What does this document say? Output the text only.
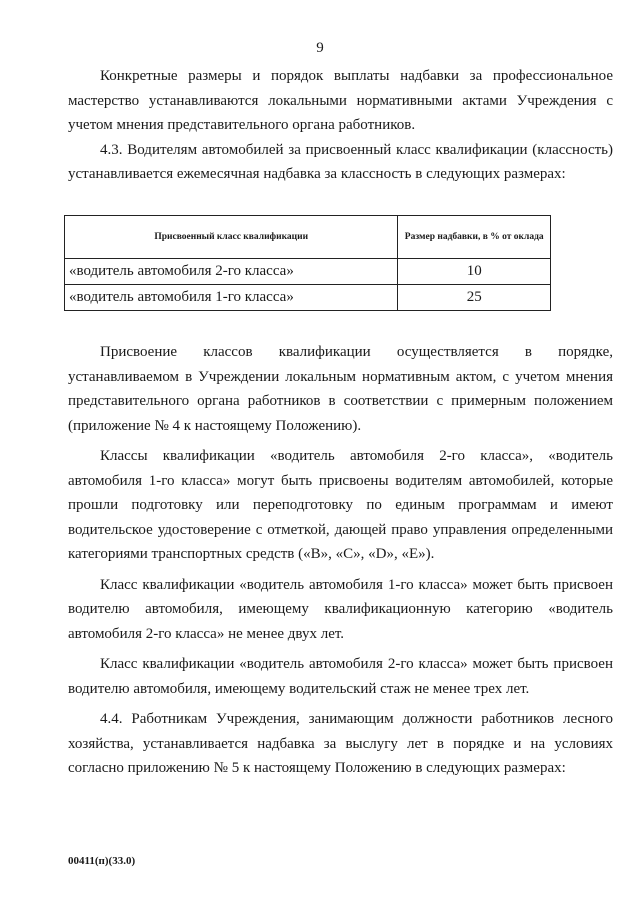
9

Конкретные размеры и порядок выплаты надбавки за профессиональное мастерство устанавливаются локальными нормативными актами Учреждения с учетом мнения представительного органа работников.

4.3. Водителям автомобилей за присвоенный класс квалификации (классность) устанавливается ежемесячная надбавка за классность в следующих размерах:

Присвоенный класс квалификации	Размер надбавки, в % от оклада
«водитель автомобиля 2-го класса»	10
«водитель автомобиля 1-го класса»	25

Присвоение классов квалификации осуществляется в порядке, устанавливаемом в Учреждении локальным нормативным актом, с учетом мнения представительного органа работников в соответствии с примерным положением (приложение № 4 к настоящему Положению).

Классы квалификации «водитель автомобиля 2-го класса», «водитель автомобиля 1-го класса» могут быть присвоены водителям автомобилей, которые прошли подготовку или переподготовку по единым программам и имеют водительское удостоверение с отметкой, дающей право управления определенными категориями транспортных средств («B», «C», «D», «E»).

Класс квалификации «водитель автомобиля 1-го класса» может быть присвоен водителю автомобиля, имеющему квалификационную категорию «водитель автомобиля 2-го класса» не менее двух лет.

Класс квалификации «водитель автомобиля 2-го класса» может быть присвоен водителю автомобиля, имеющему водительский стаж не менее трех лет.

4.4. Работникам Учреждения, занимающим должности работников лесного хозяйства, устанавливается надбавка за выслугу лет в порядке и на условиях согласно приложению № 5 к настоящему Положению в следующих размерах:

00411(п)(33.0)
